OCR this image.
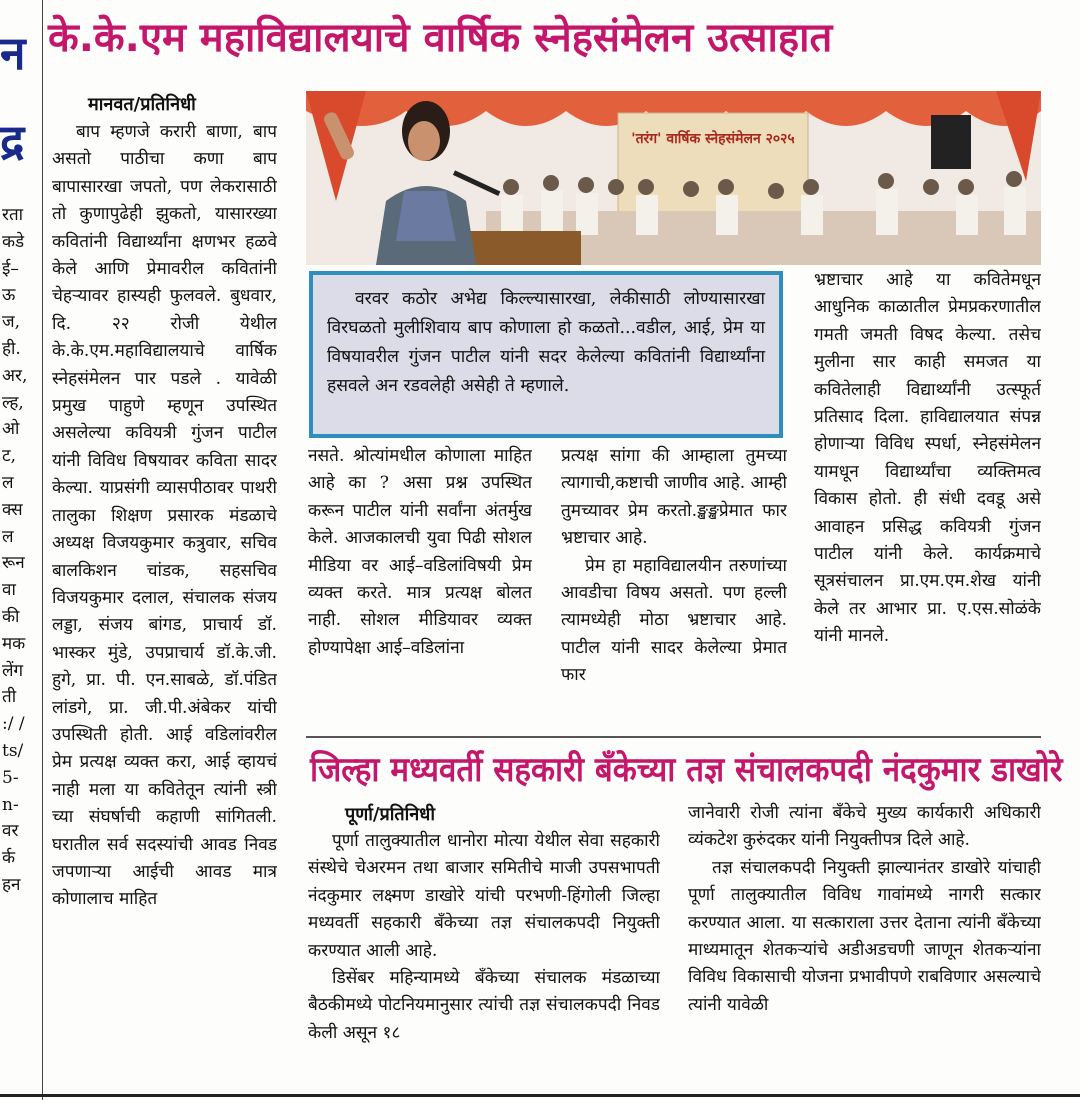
न
द्र
रता
कडे
ई–
ऊ
ज,
ही.
अर,
ल्ह,
ओ
ट,
ल
क्स
ल
रून
वा
की
मक
लेंग
ती
:/ /
ts/
5-
n-
वर
र्क
हन
के.के.एम महाविद्यालयाचे वार्षिक स्नेहसंमेलन उत्साहात
मानवत/प्रतिनिधी

बाप म्हणजे करारी बाणा, बाप असतो पाठीचा कणा बाप बापासारखा जपतो, पण लेकरासाठी तो कुणापुढेही झुकतो, यासारख्या कवितांनी विद्यार्थ्यांना क्षणभर हळवे केले आणि प्रेमावरील कवितांनी चेहऱ्यावर हास्यही फुलवले. बुधवार, दि. २२ रोजी येथील के.के.एम.महाविद्यालयाचे वार्षिक स्नेहसंमेलन पार पडले . यावेळी प्रमुख पाहुणे म्हणून उपस्थित असलेल्या कवियत्री गुंजन पाटील यांनी विविध विषयावर कविता सादर केल्या. याप्रसंगी व्यासपीठावर पाथरी तालुका शिक्षण प्रसारक मंडळाचे अध्यक्ष विजयकुमार कत्रुवार, सचिव बालकिशन चांडक, सहसचिव विजयकुमार दलाल, संचालक संजय लड्डा, संजय बांगड, प्राचार्य डॉ. भास्कर मुंडे, उपप्राचार्य डॉ.के.जी. हुगे, प्रा. पी. एन.साबळे, डॉ.पंडित लांडगे, प्रा. जी.पी.अंबेकर यांची उपस्थिती होती. आई वडिलांवरील प्रेम प्रत्यक्ष व्यक्त करा, आई व्हायचं नाही मला या कवितेतून त्यांनी स्त्री च्या संघर्षाची कहाणी सांगितली. घरातील सर्व सदस्यांची आवड निवड जपणाऱ्या आईची आवड मात्र कोणालाच माहित

'तरंग' वार्षिक स्नेहसंमेलन २०२५
वरवर कठोर अभेद्य किल्ल्यासारखा, लेकीसाठी लोण्यासारखा विरघळतो मुलीशिवाय बाप कोणाला हो कळतो...वडील, आई, प्रेम या विषयावरील गुंजन पाटील यांनी सदर केलेल्या कवितांनी विद्यार्थ्यांना हसवले अन रडवलेही असेही ते म्हणाले.

नसते. श्रोत्यांमधील कोणाला माहित आहे का ? असा प्रश्न उपस्थित करून पाटील यांनी सर्वांना अंतर्मुख केले. आजकालची युवा पिढी सोशल मीडिया वर आई–वडिलांविषयी प्रेम व्यक्त करते. मात्र प्रत्यक्ष बोलत नाही. सोशल मीडियावर व्यक्त होण्यापेक्षा आई–वडिलांना

प्रत्यक्ष सांगा की आम्हाला तुमच्या त्यागाची,कष्टाची जाणीव आहे. आम्ही तुमच्यावर प्रेम करतो.ङ्खङ्खप्रेमात फार भ्रष्टाचार आहे.

प्रेम हा महाविद्यालयीन तरुणांच्या आवडीचा विषय असतो. पण हल्ली त्यामध्येही मोठा भ्रष्टाचार आहे. पाटील यांनी सादर केलेल्या प्रेमात फार

भ्रष्टाचार आहे या कवितेमधून आधुनिक काळातील प्रेमप्रकरणातील गमती जमती विषद केल्या. तसेच मुलीना सार काही समजत या कवितेलाही विद्यार्थ्यांनी उत्स्फूर्त प्रतिसाद दिला. हाविद्यालयात संपन्न होणाऱ्या विविध स्पर्धा, स्नेहसंमेलन यामधून विद्यार्थ्यांचा व्यक्तिमत्व विकास होतो. ही संधी दवडू असे आवाहन प्रसिद्ध कवियत्री गुंजन पाटील यांनी केले. कार्यक्रमाचे सूत्रसंचालन प्रा.एम.एम.शेख यांनी केले तर आभार प्रा. ए.एस.सोळंके यांनी मानले.

जिल्हा मध्यवर्ती सहकारी बँकेच्या तज्ञ संचालकपदी नंदकुमार डाखोरे
पूर्णा/प्रतिनिधी

पूर्णा तालुक्यातील धानोरा मोत्या येथील सेवा सहकारी संस्थेचे चेअरमन तथा बाजार समितीचे माजी उपसभापती नंदकुमार लक्ष्मण डाखोरे यांची परभणी-हिंगोली जिल्हा मध्यवर्ती सहकारी बँकेच्या तज्ञ संचालकपदी नियुक्ती करण्यात आली आहे.

डिसेंबर महिन्यामध्ये बँकेच्या संचालक मंडळाच्या बैठकीमध्ये पोटनियमानुसार त्यांची तज्ञ संचालकपदी निवड केली असून १८

जानेवारी रोजी त्यांना बँकेचे मुख्य कार्यकारी अधिकारी व्यंकटेश कुरुंदकर यांनी नियुक्तीपत्र दिले आहे.

तज्ञ संचालकपदी नियुक्ती झाल्यानंतर डाखोरे यांचाही पूर्णा तालुक्यातील विविध गावांमध्ये नागरी सत्कार करण्यात आला. या सत्काराला उत्तर देताना त्यांनी बँकेच्या माध्यमातून शेतकऱ्यांचे अडीअडचणी जाणून शेतकऱ्यांना विविध विकासाची योजना प्रभावीपणे राबविणार असल्याचे त्यांनी यावेळी
